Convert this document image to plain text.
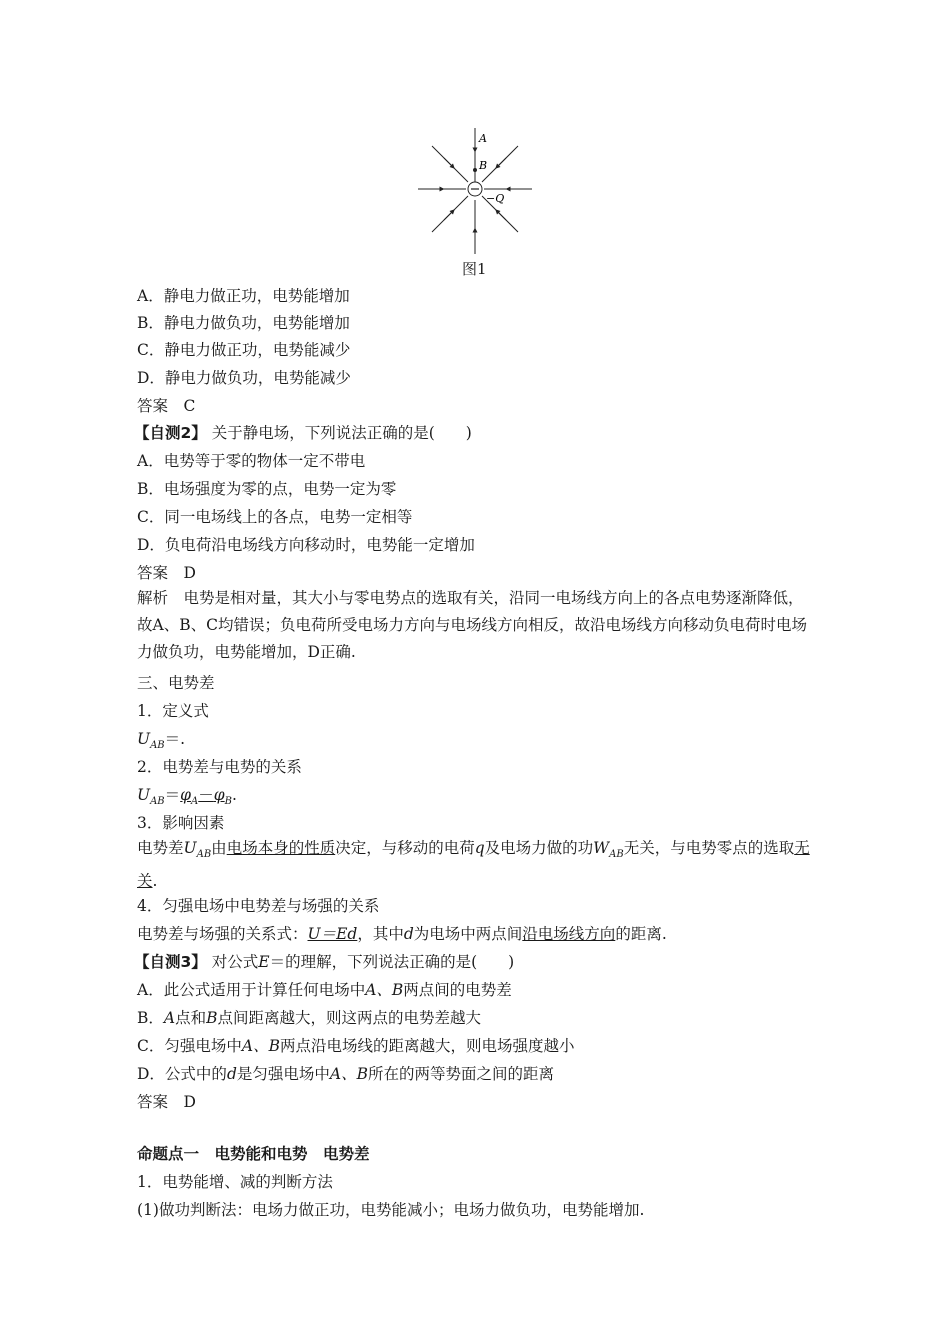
A
B
−Q
图1
A．静电力做正功，电势能增加
B．静电力做负功，电势能增加
C．静电力做正功，电势能减少
D．静电力做负功，电势能减少
答案　C
【自测2】 关于静电场，下列说法正确的是(　　)
A．电势等于零的物体一定不带电
B．电场强度为零的点，电势一定为零
C．同一电场线上的各点，电势一定相等
D．负电荷沿电场线方向移动时，电势能一定增加
答案　D
解析　电势是相对量，其大小与零电势点的选取有关，沿同一电场线方向上的各点电势逐渐降低，故A、B、C均错误；负电荷所受电场力方向与电场线方向相反，故沿电场线方向移动负电荷时电场力做负功，电势能增加，D正确.
三、电势差
1．定义式
$U_{AB}=$.
2．电势差与电势的关系
$U_{AB}=\varphi_A-\varphi_B$.
3．影响因素
电势差$U_{AB}$由电场本身的性质决定，与移动的电荷q及电场力做的功$W_{AB}$无关，与电势零点的选取无关.
4．匀强电场中电势差与场强的关系
电势差与场强的关系式：U＝Ed，其中d为电场中两点间沿电场线方向的距离.
【自测3】 对公式E＝的理解，下列说法正确的是(　　)
A．此公式适用于计算任何电场中A、B两点间的电势差
B．A点和B点间距离越大，则这两点的电势差越大
C．匀强电场中A、B两点沿电场线的距离越大，则电场强度越小
D．公式中的d是匀强电场中A、B所在的两等势面之间的距离
答案　D
命题点一　电势能和电势　电势差
1．电势能增、减的判断方法
(1)做功判断法：电场力做正功，电势能减小；电场力做负功，电势能增加.
